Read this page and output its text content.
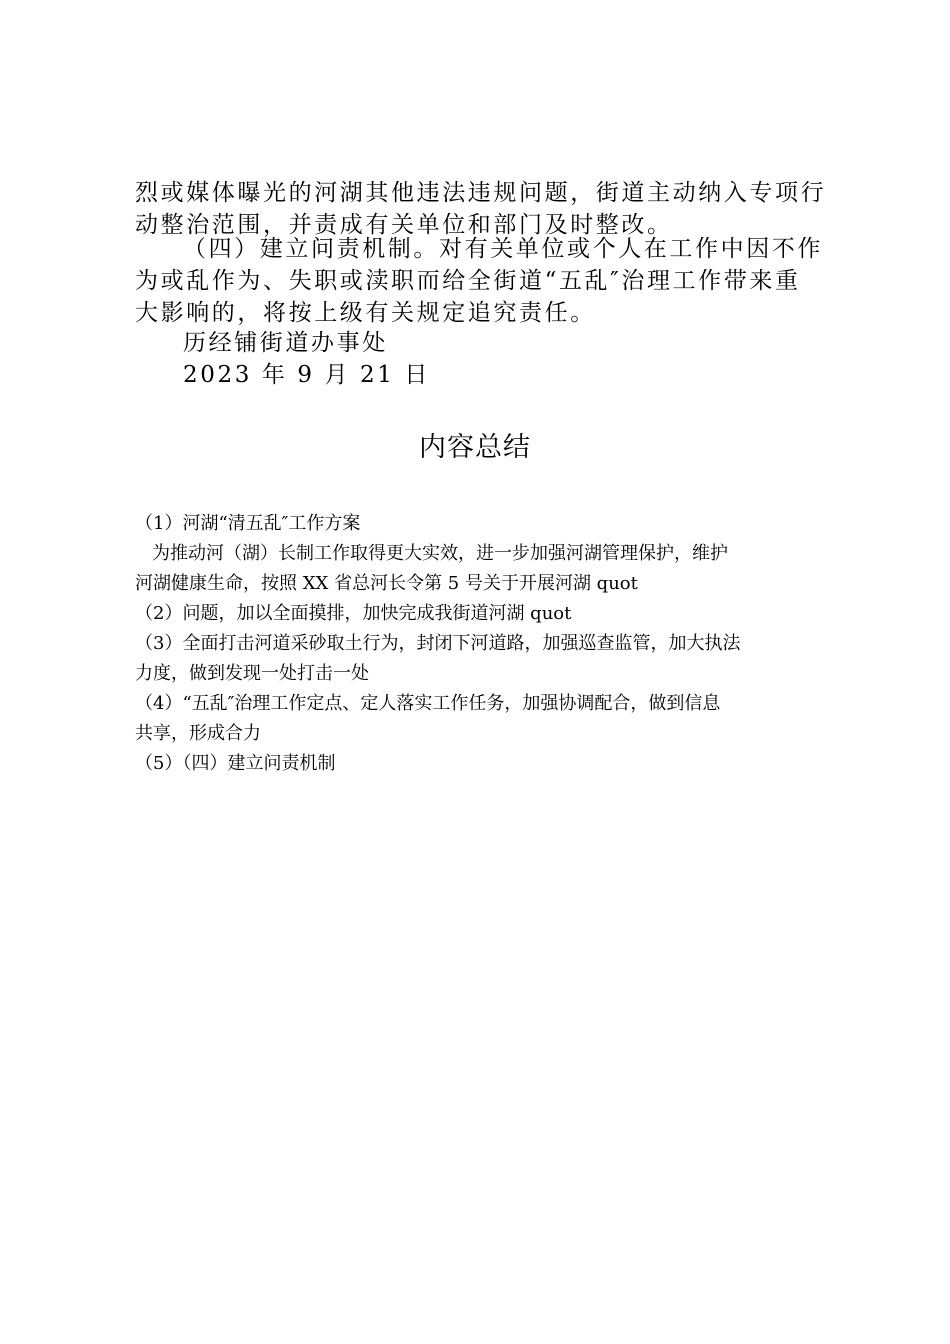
烈或媒体曝光的河湖其他违法违规问题，街道主动纳入专项行
动整治范围，并责成有关单位和部门及时整改。
（四）建立问责机制。对有关单位或个人在工作中因不作
为或乱作为、失职或渎职而给全街道“五乱″治理工作带来重
大影响的，将按上级有关规定追究责任。
历经铺街道办事处
2023 年 9 月 21 日
内容总结
（1）河湖“清五乱″工作方案
为推动河（湖）长制工作取得更大实效，进一步加强河湖管理保护，维护
河湖健康生命，按照 XX 省总河长令第 5 号关于开展河湖 quot
（2）问题，加以全面摸排，加快完成我街道河湖 quot
（3）全面打击河道采砂取土行为，封闭下河道路，加强巡查监管，加大执法
力度，做到发现一处打击一处
（4）“五乱″治理工作定点、定人落实工作任务，加强协调配合，做到信息
共享，形成合力
（5）（四）建立问责机制
